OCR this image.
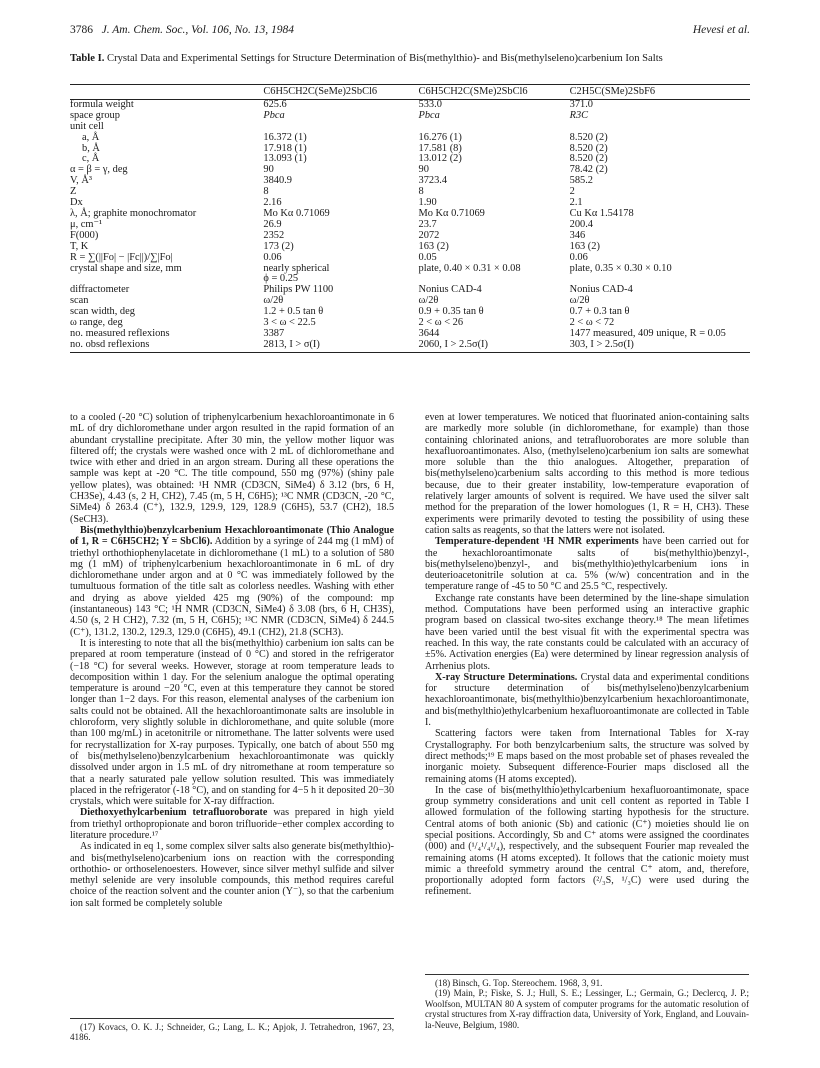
3786 J. Am. Chem. Soc., Vol. 106, No. 13, 1984	Hevesi et al.
Table I. Crystal Data and Experimental Settings for Structure Determination of Bis(methylthio)- and Bis(methylseleno)carbenium Ion Salts
	C6H5CH2C(SeMe)2SbCl6	C6H5CH2C(SMe)2SbCl6	C2H5C(SMe)2SbF6
formula weight	625.6	533.0	371.0
space group	Pbca	Pbca	R3C
unit cell			
a, Å	16.372 (1)	16.276 (1)	8.520 (2)
b, Å	17.918 (1)	17.581 (8)	8.520 (2)
c, Å	13.093 (1)	13.012 (2)	8.520 (2)
α = β = γ, deg	90	90	78.42 (2)
V, Å³	3840.9	3723.4	585.2
Z	8	8	2
Dx	2.16	1.90	2.1
λ, Å; graphite monochromator	Mo Kα 0.71069	Mo Kα 0.71069	Cu Kα 1.54178
μ, cm⁻¹	26.9	23.7	200.4
F(000)	2352	2072	346
T, K	173 (2)	163 (2)	163 (2)
R = ∑(||Fo| − |Fc||)/∑|Fo|	0.06	0.05	0.06
crystal shape and size, mm	nearly spherical	plate, 0.40 × 0.31 × 0.08	plate, 0.35 × 0.30 × 0.10
	ϕ = 0.25		
diffractometer	Philips PW 1100	Nonius CAD-4	Nonius CAD-4
scan	ω/2θ	ω/2θ	ω/2θ
scan width, deg	1.2 + 0.5 tan θ	0.9 + 0.35 tan θ	0.7 + 0.3 tan θ
ω range, deg	3 < ω < 22.5	2 < ω < 26	2 < ω < 72
no. measured reflexions	3387	3644	1477 measured, 409 unique, R = 0.05
no. obsd reflexions	2813, I > σ(I)	2060, I > 2.5σ(I)	303, I > 2.5σ(I)

to a cooled (-20 °C) solution of triphenylcarbenium hexachloroantimonate in 6 mL of dry dichloromethane under argon resulted in the rapid formation of an abundant crystalline precipitate. After 30 min, the yellow mother liquor was filtered off; the crystals were washed once with 2 mL of dichloromethane and twice with ether and dried in an argon stream. During all these operations the sample was kept at -20 °C. The title compound, 550 mg (97%) (shiny pale yellow plates), was obtained: ¹H NMR (CD3CN, SiMe4) δ 3.12 (brs, 6 H, CH3Se), 4.43 (s, 2 H, CH2), 7.45 (m, 5 H, C6H5); ¹³C NMR (CD3CN, -20 °C, SiMe4) δ 263.4 (C⁺), 132.9, 129.9, 129, 128.9 (C6H5), 53.7 (CH2), 18.5 (SeCH3).

Bis(methylthio)benzylcarbenium Hexachloroantimonate (Thio Analogue of 1, R = C6H5CH2; Y = SbCl6). Addition by a syringe of 244 mg (1 mM) of triethyl orthothiophenylacetate in dichloromethane (1 mL) to a solution of 580 mg (1 mM) of triphenylcarbenium hexachloroantimonate in 6 mL of dry dichloromethane under argon and at 0 °C was immediately followed by the tumultuous formation of the title salt as colorless needles. Washing with ether and drying as above yielded 425 mg (90%) of the compound: mp (instantaneous) 143 °C; ¹H NMR (CD3CN, SiMe4) δ 3.08 (brs, 6 H, CH3S), 4.50 (s, 2 H CH2), 7.32 (m, 5 H, C6H5); ¹³C NMR (CD3CN, SiMe4) δ 244.5 (C⁺), 131.2, 130.2, 129.3, 129.0 (C6H5), 49.1 (CH2), 21.8 (SCH3).

It is interesting to note that all the bis(methylthio) carbenium ion salts can be prepared at room temperature (instead of 0 °C) and stored in the refrigerator (−18 °C) for several weeks. However, storage at room temperature leads to decomposition within 1 day. For the selenium analogue the optimal operating temperature is around −20 °C, even at this temperature they cannot be stored longer than 1−2 days. For this reason, elemental analyses of the carbenium ion salts could not be obtained. All the hexachloroantimonate salts are insoluble in chloroform, very slightly soluble in dichloromethane, and quite soluble (more than 100 mg/mL) in acetonitrile or nitromethane. The latter solvents were used for recrystallization for X-ray purposes. Typically, one batch of about 550 mg of bis(methylseleno)benzylcarbenium hexachloroantimonate was quickly dissolved under argon in 1.5 mL of dry nitromethane at room temperature so that a nearly saturated pale yellow solution resulted. This was immediately placed in the refrigerator (-18 °C), and on standing for 4−5 h it deposited 20−30 crystals, which were suitable for X-ray diffraction.

Diethoxyethylcarbenium tetrafluoroborate was prepared in high yield from triethyl orthopropionate and boron trifluoride−ether complex according to literature procedure.¹⁷

As indicated in eq 1, some complex silver salts also generate bis(methylthio)- and bis(methylseleno)carbenium ions on reaction with the corresponding orthothio- or orthoselenoesters. However, since silver methyl sulfide and silver methyl selenide are very insoluble compounds, this method requires careful choice of the reaction solvent and the counter anion (Y⁻), so that the carbenium ion salt formed be completely soluble

even at lower temperatures. We noticed that fluorinated anion-containing salts are markedly more soluble (in dichloromethane, for example) than those containing chlorinated anions, and tetrafluoroborates are more soluble than hexafluoroantimonates. Also, (methylseleno)carbenium ion salts are somewhat more soluble than the thio analogues. Altogether, preparation of bis(methylseleno)carbenium salts according to this method is more tedious because, due to their greater instability, low-temperature evaporation of relatively larger amounts of solvent is required. We have used the silver salt method for the preparation of the lower homologues (1, R = H, CH3). These experiments were primarily devoted to testing the possibility of using these cation salts as reagents, so that the latters were not isolated.

Temperature-dependent ¹H NMR experiments have been carried out for the hexachloroantimonate salts of bis(methylthio)benzyl-, bis(methylseleno)benzyl-, and bis(methylthio)ethylcarbenium ions in deuterioacetonitrile solution at ca. 5% (w/w) concentration and in the temperature range of -45 to 50 °C and 25.5 °C, respectively.

Exchange rate constants have been determined by the line-shape simulation method. Computations have been performed using an interactive graphic program based on classical two-sites exchange theory.¹⁸ The mean lifetimes have been varied until the best visual fit with the experimental spectra was reached. In this way, the rate constants could be calculated with an accuracy of ±5%. Activation energies (Ea) were determined by linear regression analysis of Arrhenius plots.

X-ray Structure Determinations. Crystal data and experimental conditions for structure determination of bis(methylseleno)benzylcarbenium hexachloroantimonate, bis(methylthio)benzylcarbenium hexachloroantimonate, and bis(methylthio)ethylcarbenium hexafluoroantimonate are collected in Table I.

Scattering factors were taken from International Tables for X-ray Crystallography. For both benzylcarbenium salts, the structure was solved by direct methods;¹⁹ E maps based on the most probable set of phases revealed the inorganic moiety. Subsequent difference-Fourier maps disclosed all the remaining atoms (H atoms excepted).

In the case of bis(methylthio)ethylcarbenium hexafluoroantimonate, space group symmetry considerations and unit cell content as reported in Table I allowed formulation of the following starting hypothesis for the structure. Central atoms of both anionic (Sb) and cationic (C⁺) moieties should lie on special positions. Accordingly, Sb and C⁺ atoms were assigned the coordinates (000) and (¹/₄¹/₄¹/₄), respectively, and the subsequent Fourier map revealed the remaining atoms (H atoms excepted). It follows that the cationic moiety must mimic a threefold symmetry around the central C⁺ atom, and, therefore, proportionally adopted form factors (²/₃S, ¹/₃C) were used during the refinement.

(17) Kovacs, O. K. J.; Schneider, G.; Lang, L. K.; Apjok, J. Tetrahedron, 1967, 23, 4186.

(18) Binsch, G. Top. Stereochem. 1968, 3, 91.

(19) Main, P.; Fiske, S. J.; Hull, S. E.; Lessinger, L.; Germain, G.; Declercq, J. P.; Woolfson, MULTAN 80 A system of computer programs for the automatic resolution of crystal structures from X-ray diffraction data, University of York, England, and Louvain-la-Neuve, Belgium, 1980.
